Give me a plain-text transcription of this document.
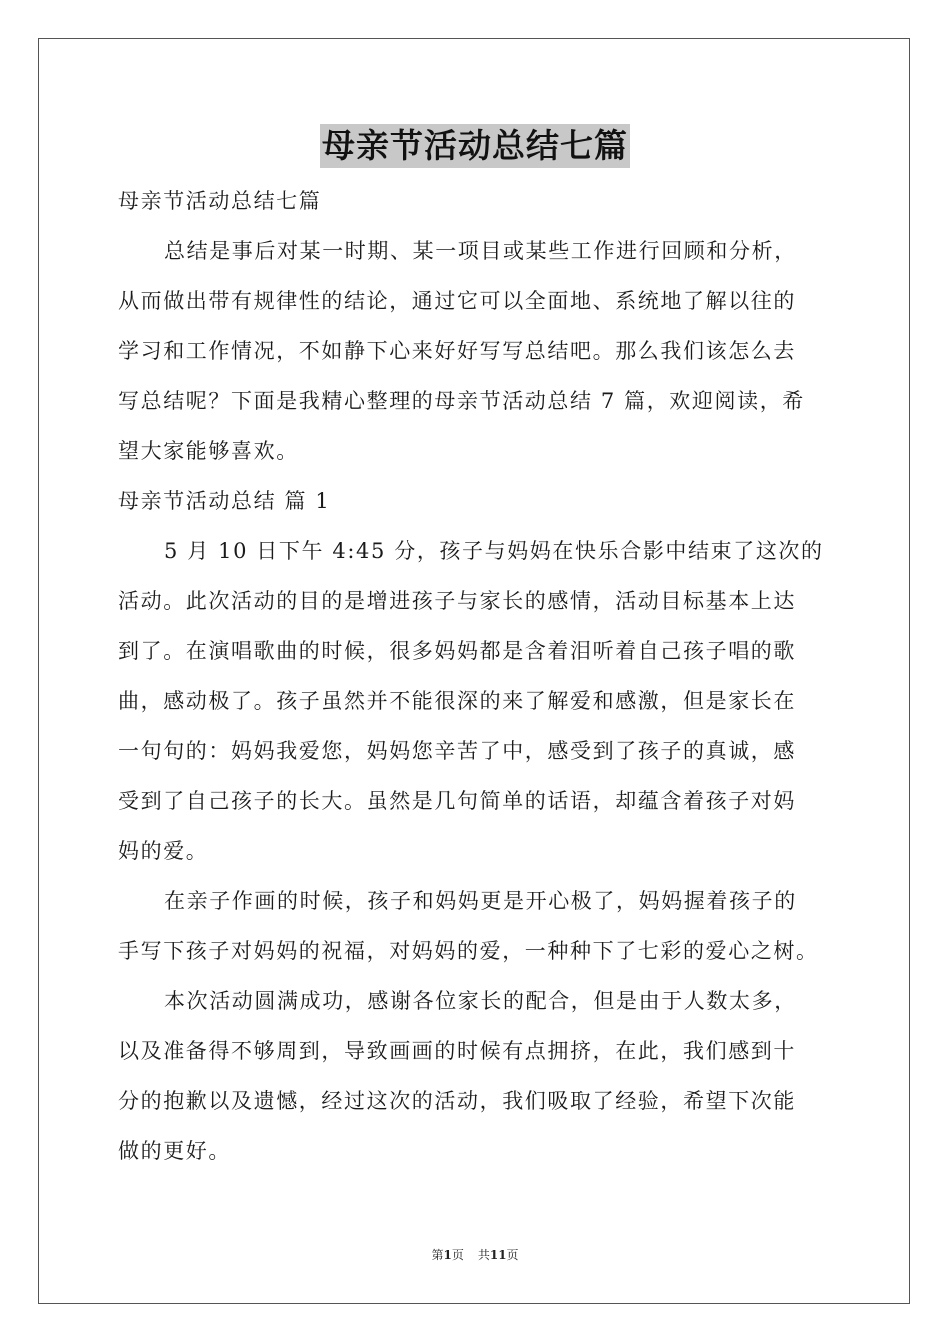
母亲节活动总结七篇
母亲节活动总结七篇
总结是事后对某一时期、某一项目或某些工作进行回顾和分析，
从而做出带有规律性的结论，通过它可以全面地、系统地了解以往的
学习和工作情况，不如静下心来好好写写总结吧。那么我们该怎么去
写总结呢？下面是我精心整理的母亲节活动总结 7 篇，欢迎阅读，希
望大家能够喜欢。
母亲节活动总结 篇 1
5 月 10 日下午 4:45 分，孩子与妈妈在快乐合影中结束了这次的
活动。此次活动的目的是增进孩子与家长的感情，活动目标基本上达
到了。在演唱歌曲的时候，很多妈妈都是含着泪听着自己孩子唱的歌
曲，感动极了。孩子虽然并不能很深的来了解爱和感激，但是家长在
一句句的：妈妈我爱您，妈妈您辛苦了中，感受到了孩子的真诚，感
受到了自己孩子的长大。虽然是几句简单的话语，却蕴含着孩子对妈
妈的爱。
在亲子作画的时候，孩子和妈妈更是开心极了，妈妈握着孩子的
手写下孩子对妈妈的祝福，对妈妈的爱，一种种下了七彩的爱心之树。
本次活动圆满成功，感谢各位家长的配合，但是由于人数太多，
以及准备得不够周到，导致画画的时候有点拥挤，在此，我们感到十
分的抱歉以及遗憾，经过这次的活动，我们吸取了经验，希望下次能
做的更好。
第1页 共11页
